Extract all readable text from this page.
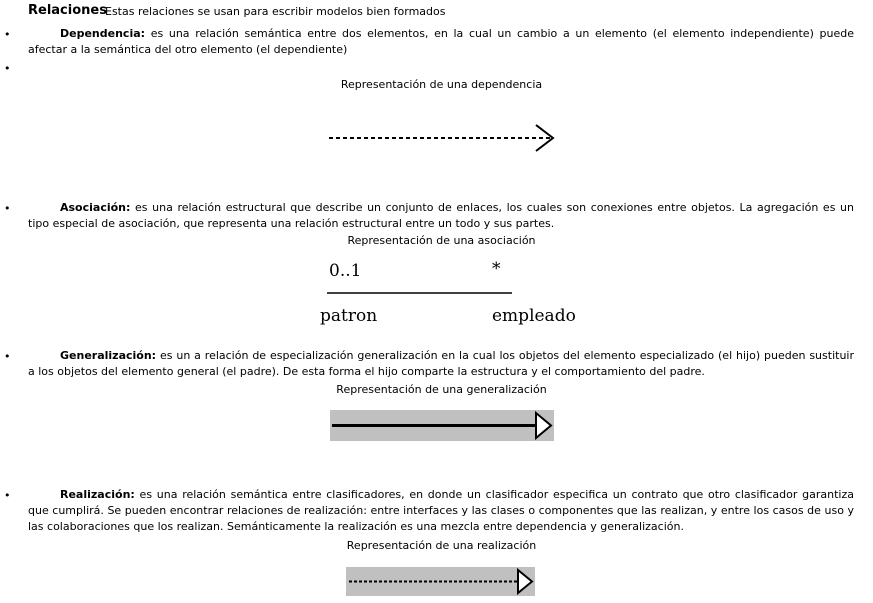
Relaciones
Estas relaciones se usan para escribir modelos bien formados
•	Dependencia: es una relación semántica entre dos elementos, en la cual un cambio a un elemento (el elemento independiente) puede afectar a la semántica del otro elemento (el dependiente)
•
Representación de una dependencia
•	Asociación: es una relación estructural que describe un conjunto de enlaces, los cuales son conexiones entre objetos. La agregación es un tipo especial de asociación, que representa una relación estructural entre un todo y sus partes.
Representación de una asociación
0..1	*
patron	empleado
•	Generalización: es un a relación de especialización generalización en la cual los objetos del elemento especializado (el hijo) pueden sustituir a los objetos del elemento general (el padre). De esta forma el hijo comparte la estructura y el comportamiento del padre.
Representación de una generalización
•	Realización: es una relación semántica entre clasificadores, en donde un clasificador especifica un contrato que otro clasificador garantiza que cumplirá. Se pueden encontrar relaciones de realización: entre interfaces y las clases o componentes que las realizan, y entre los casos de uso y las colaboraciones que los realizan. Semánticamente la realización es una mezcla entre dependencia y generalización.
Representación de una realización
